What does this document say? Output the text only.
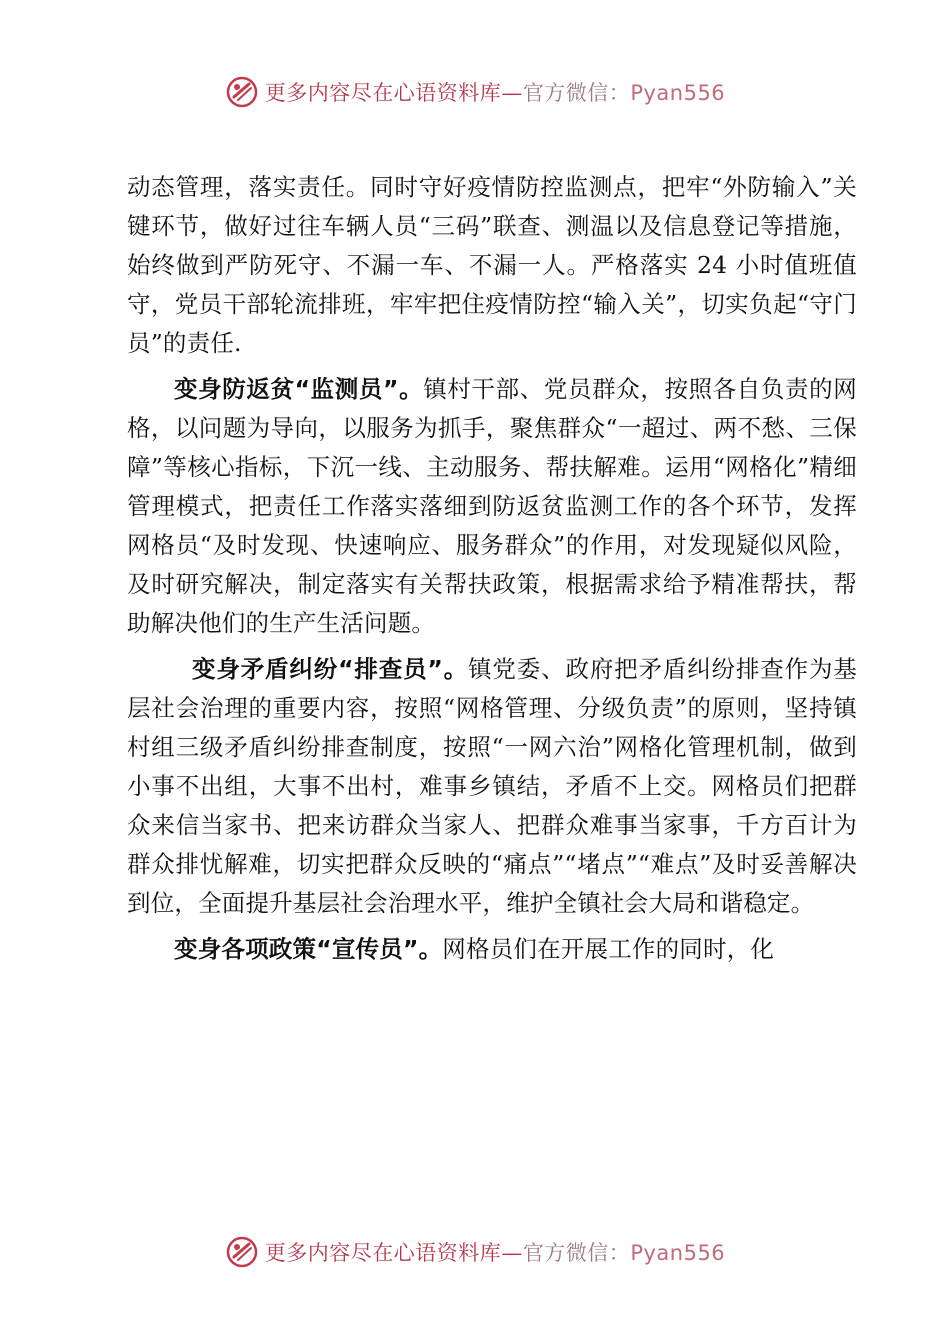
更多内容尽在心语资料库—官方微信：Pyan556

动态管理，落实责任。同时守好疫情防控监测点，把牢“外防输入”关键环节，做好过往车辆人员“三码”联查、测温以及信息登记等措施，始终做到严防死守、不漏一车、不漏一人。严格落实 24 小时值班值守，党员干部轮流排班，牢牢把住疫情防控“输入关”，切实负起“守门员”的责任.

变身防返贫“监测员”。镇村干部、党员群众，按照各自负责的网格，以问题为导向，以服务为抓手，聚焦群众“一超过、两不愁、三保障”等核心指标，下沉一线、主动服务、帮扶解难。运用“网格化”精细管理模式，把责任工作落实落细到防返贫监测工作的各个环节，发挥网格员“及时发现、快速响应、服务群众”的作用，对发现疑似风险，及时研究解决，制定落实有关帮扶政策，根据需求给予精准帮扶，帮助解决他们的生产生活问题。

变身矛盾纠纷“排查员”。镇党委、政府把矛盾纠纷排查作为基层社会治理的重要内容，按照“网格管理、分级负责”的原则，坚持镇村组三级矛盾纠纷排查制度，按照“一网六治”网格化管理机制，做到小事不出组，大事不出村，难事乡镇结，矛盾不上交。网格员们把群众来信当家书、把来访群众当家人、把群众难事当家事，千方百计为群众排忧解难，切实把群众反映的“痛点”“堵点”“难点”及时妥善解决到位，全面提升基层社会治理水平，维护全镇社会大局和谐稳定。

变身各项政策“宣传员”。网格员们在开展工作的同时，化

更多内容尽在心语资料库—官方微信：Pyan556
